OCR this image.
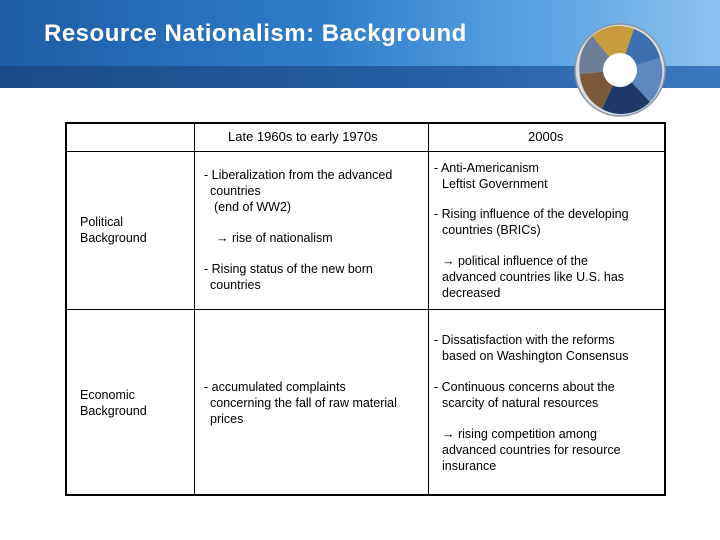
Resource Nationalism: Background
Late 1960s to early 1970s	2000s
Political
Background
Economic
Background
- Liberalization from the advanced
countries
(end of WW2)
→ rise of nationalism
- Rising status of the new born
countries
- Anti-Americanism
Leftist Government
- Rising influence of the developing
countries (BRICs)
→ political influence of the
advanced countries like U.S. has
decreased
- accumulated complaints
concerning the fall of raw material
prices
- Dissatisfaction with the reforms
based on Washington Consensus
- Continuous concerns about the
scarcity of natural resources
→ rising competition among
advanced countries for resource
insurance
